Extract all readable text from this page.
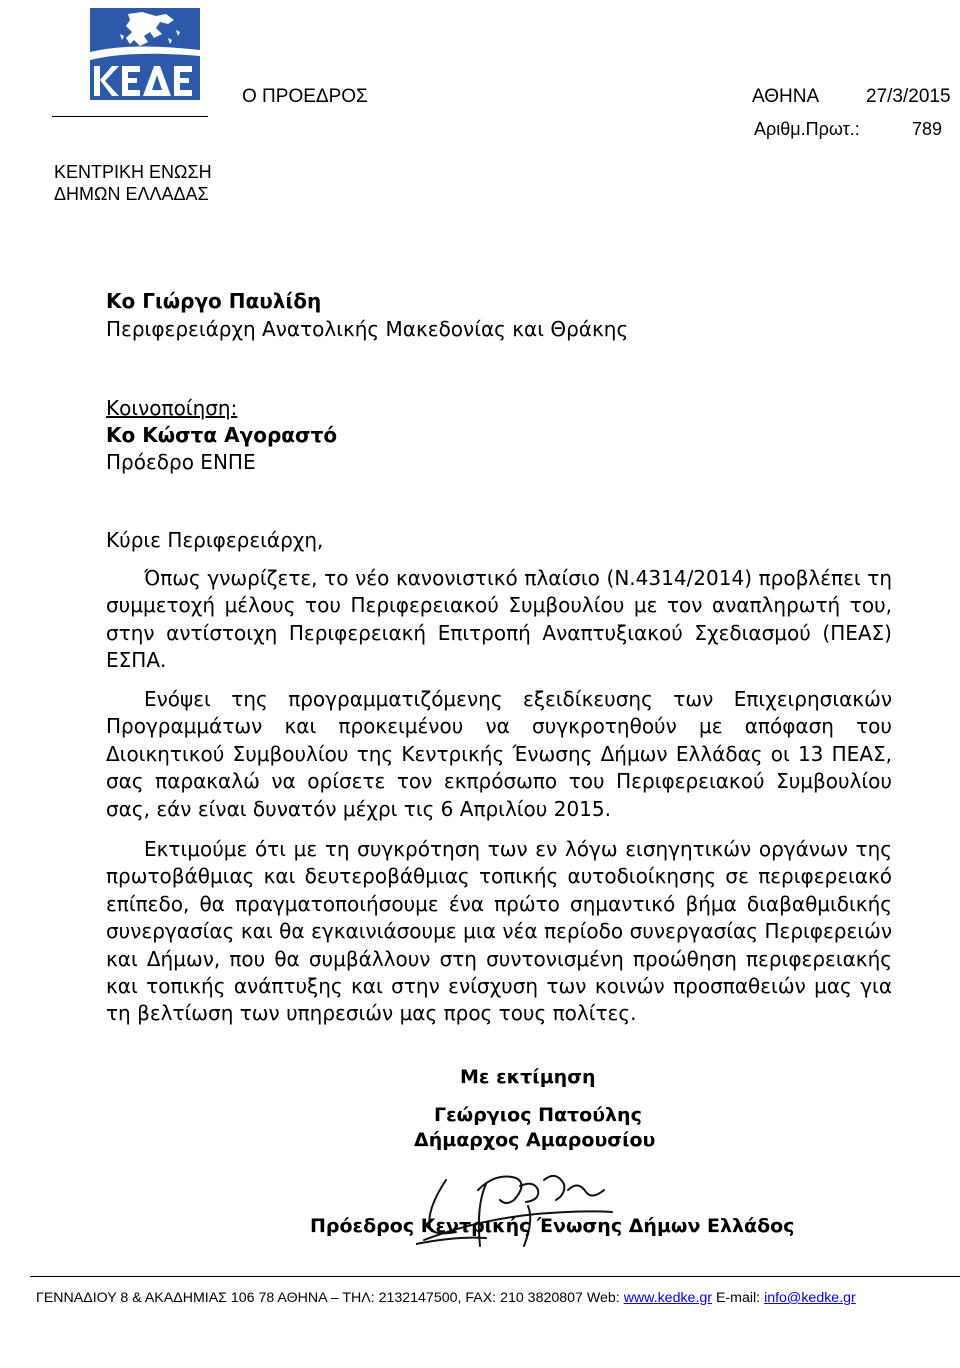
Ο ΠΡΟΕΔΡΟΣ	ΑΘΗΝΑ 27/3/2015
Αριθμ.Πρωτ.:	789
ΚΕΝΤΡΙΚΗ ΕΝΩΣΗ
ΔΗΜΩΝ ΕΛΛΑΔΑΣ
Κο Γιώργο Παυλίδη
Περιφερειάρχη Ανατολικής Μακεδονίας και Θράκης
Κοινοποίηση:
Κο Κώστα Αγοραστό
Πρόεδρο ΕΝΠΕ
Κύριε Περιφερειάρχη,

Όπως γνωρίζετε, το νέο κανονιστικό πλαίσιο (Ν.4314/2014) προβλέπει τη συμμετοχή μέλους του Περιφερειακού Συμβουλίου με τον αναπληρωτή του, στην αντίστοιχη Περιφερειακή Επιτροπή Αναπτυξιακού Σχεδιασμού (ΠΕΑΣ) ΕΣΠΑ.

Ενόψει της προγραμματιζόμενης εξειδίκευσης των Επιχειρησιακών Προγραμμάτων και προκειμένου να συγκροτηθούν με απόφαση του Διοικητικού Συμβουλίου της Κεντρικής Ένωσης Δήμων Ελλάδας οι 13 ΠΕΑΣ, σας παρακαλώ να ορίσετε τον εκπρόσωπο του Περιφερειακού Συμβουλίου σας, εάν είναι δυνατόν μέχρι τις 6 Απριλίου 2015.

Εκτιμούμε ότι με τη συγκρότηση των εν λόγω εισηγητικών οργάνων της πρωτοβάθμιας και δευτεροβάθμιας τοπικής αυτοδιοίκησης σε περιφερειακό επίπεδο, θα πραγματοποιήσουμε ένα πρώτο σημαντικό βήμα διαβαθμιδικής συνεργασίας και θα εγκαινιάσουμε μια νέα περίοδο συνεργασίας Περιφερειών και Δήμων, που θα συμβάλλουν στη συντονισμένη προώθηση περιφερειακής και τοπικής ανάπτυξης και στην ενίσχυση των κοινών προσπαθειών μας για τη βελτίωση των υπηρεσιών μας προς τους πολίτες.

Με εκτίμηση
Γεώργιος Πατούλης
Δήμαρχος Αμαρουσίου
Πρόεδρος Κεντρικής Ένωσης Δήμων Ελλάδος
ΓΕΝΝΑΔΙΟΥ 8 & ΑΚΑΔΗΜΙΑΣ 106 78 ΑΘΗΝΑ – ΤΗΛ: 2132147500, FAX: 210 3820807 Web: www.kedke.gr E-mail: info@kedke.gr
